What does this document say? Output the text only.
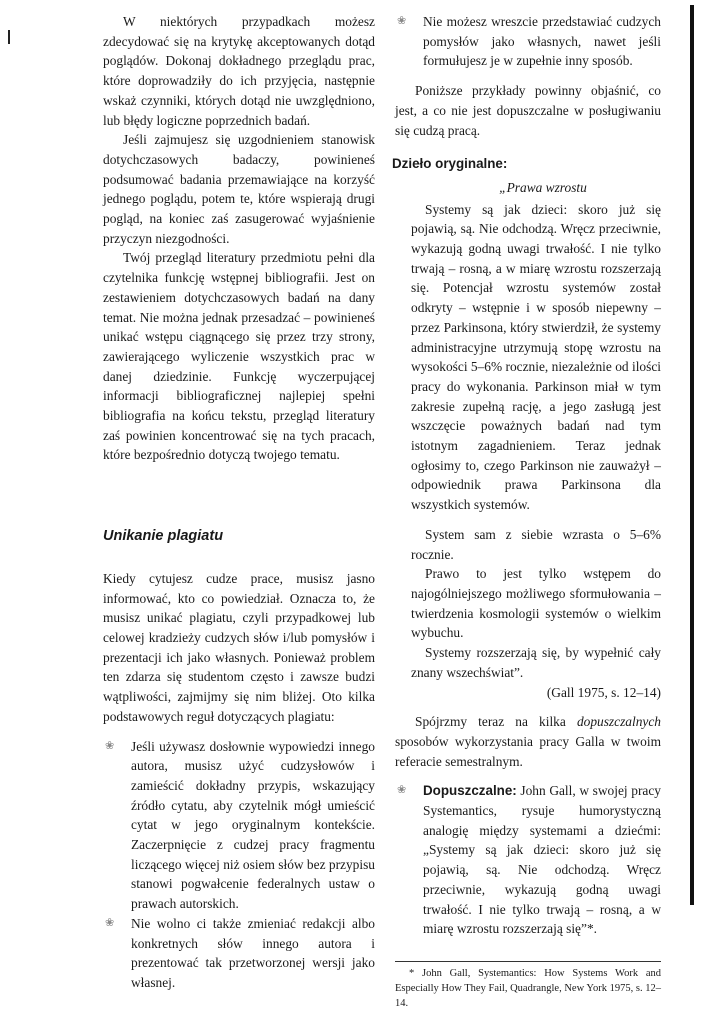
W niektórych przypadkach możesz zdecydować się na krytykę akceptowanych dotąd poglądów. Dokonaj dokładnego przeglądu prac, które doprowadziły do ich przyjęcia, następnie wskaż czynniki, których dotąd nie uwzględniono, lub błędy logiczne poprzednich badań.

Jeśli zajmujesz się uzgodnieniem stanowisk dotychczasowych badaczy, powinieneś podsumować badania przemawiające na korzyść jednego poglądu, potem te, które wspierają drugi pogląd, na koniec zaś zasugerować wyjaśnienie przyczyn niezgodności.

Twój przegląd literatury przedmiotu pełni dla czytelnika funkcję wstępnej bibliografii. Jest on zestawieniem dotychczasowych badań na dany temat. Nie można jednak przesadzać – powinieneś unikać wstępu ciągnącego się przez trzy strony, zawierającego wyliczenie wszystkich prac w danej dziedzinie. Funkcję wyczerpującej informacji bibliograficznej najlepiej spełni bibliografia na końcu tekstu, przegląd literatury zaś powinien koncentrować się na tych pracach, które bezpośrednio dotyczą twojego tematu.

Unikanie plagiatu

Kiedy cytujesz cudze prace, musisz jasno informować, kto co powiedział. Oznacza to, że musisz unikać plagiatu, czyli przypadkowej lub celowej kradzieży cudzych słów i/lub pomysłów i prezentacji ich jako własnych. Ponieważ problem ten zdarza się studentom często i zawsze budzi wątpliwości, zajmijmy się nim bliżej. Oto kilka podstawowych reguł dotyczących plagiatu:

❀ Jeśli używasz dosłownie wypowiedzi innego autora, musisz użyć cudzysłowów i zamieścić dokładny przypis, wskazujący źródło cytatu, aby czytelnik mógł umieścić cytat w jego oryginalnym kontekście. Zaczerpnięcie z cudzej pracy fragmentu liczącego więcej niż osiem słów bez przypisu stanowi pogwałcenie federalnych ustaw o prawach autorskich.

❀ Nie wolno ci także zmieniać redakcji albo konkretnych słów innego autora i prezentować tak przetworzonej wersji jako własnej.

❀ Nie możesz wreszcie przedstawiać cudzych pomysłów jako własnych, nawet jeśli formułujesz je w zupełnie inny sposób.

Poniższe przykłady powinny objaśnić, co jest, a co nie jest dopuszczalne w posługiwaniu się cudzą pracą.

Dzieło oryginalne:

„Prawa wzrostu

Systemy są jak dzieci: skoro już się pojawią, są. Nie odchodzą. Wręcz przeciwnie, wykazują godną uwagi trwałość. I nie tylko trwają – rosną, a w miarę wzrostu rozszerzają się. Potencjał wzrostu systemów został odkryty – wstępnie i w sposób niepewny – przez Parkinsona, który stwierdził, że systemy administracyjne utrzymują stopę wzrostu na wysokości 5–6% rocznie, niezależnie od ilości pracy do wykonania. Parkinson miał w tym zakresie zupełną rację, a jego zasługą jest wszczęcie poważnych badań nad tym istotnym zagadnieniem. Teraz jednak ogłosimy to, czego Parkinson nie zauważył – odpowiednik prawa Parkinsona dla wszystkich systemów.

System sam z siebie wzrasta o 5–6% rocznie.

Prawo to jest tylko wstępem do najogólniejszego możliwego sformułowania – twierdzenia kosmologii systemów o wielkim wybuchu.

Systemy rozszerzają się, by wypełnić cały znany wszechświat”.

(Gall 1975, s. 12–14)

Spójrzmy teraz na kilka dopuszczalnych sposobów wykorzystania pracy Galla w twoim referacie semestralnym.

❀ Dopuszczalne: John Gall, w swojej pracy Systemantics, rysuje humorystyczną analogię między systemami a dziećmi: „Systemy są jak dzieci: skoro już się pojawią, są. Nie odchodzą. Wręcz przeciwnie, wykazują godną uwagi trwałość. I nie tylko trwają – rosną, a w miarę wzrostu rozszerzają się”*.

* John Gall, Systemantics: How Systems Work and Especially How They Fail, Quadrangle, New York 1975, s. 12–14.
